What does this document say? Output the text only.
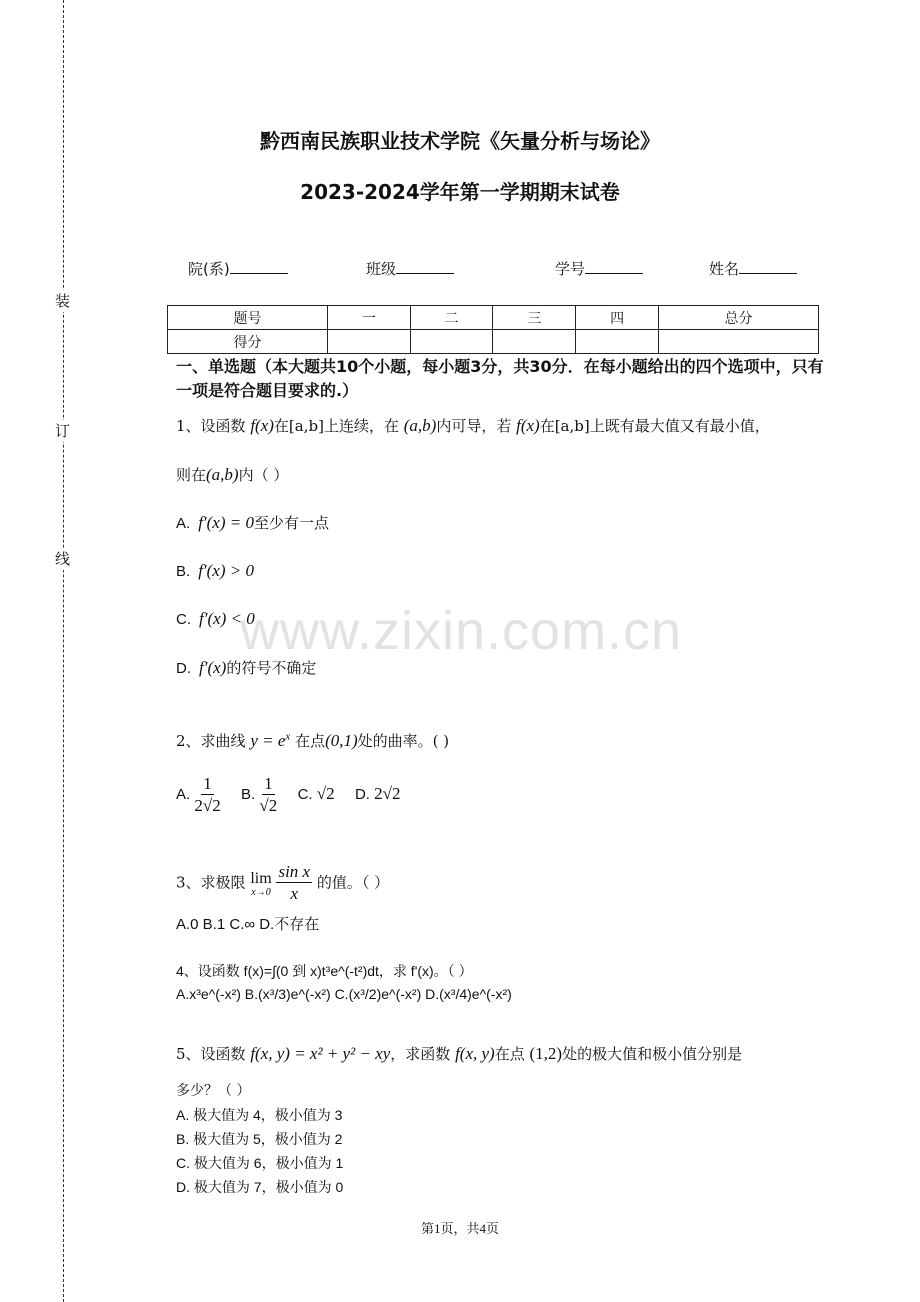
装
订
线
黔西南民族职业技术学院《矢量分析与场论》
2023-2024学年第一学期期末试卷
院(系)	班级	学号	姓名
题号	一	二	三	四	总分
得分					
一、单选题（本大题共10个小题，每小题3分，共30分．在每小题给出的四个选项中，只有一项是符合题目要求的.）
1、设函数 f(x)在[a,b]上连续，在 (a,b)内可导，若 f(x)在[a,b]上既有最大值又有最小值，
则在(a,b)内（ ）
A. f′(x) = 0至少有一点
B. f′(x) > 0
C. f′(x) < 0
D. f′(x)的符号不确定
2、求曲线 $y = e^x$ 在点(0,1)处的曲率。( )
A. $\frac{1}{2√2} B$. $\frac{1}{√2} C$. √2 D. 2√2
3、求极限 lim
x→0
$\frac{\text{sin x}}{x}$ 的值。（ ）
A.0 B.1 C.∞ D.不存在
4、设函数 f(x)=∫(0 到 x)t³e^(-t²)dt，求 f'(x)。（ ）
A.x³e^(-x²) B.(x³/3)e^(-x²) C.(x³/2)e^(-x²) D.(x³/4)e^(-x²)
5、设函数 f(x, y) = x² + y² − xy，求函数 f(x, y)在点 (1,2)处的极大值和极小值分别是
多少？（ ）
A. 极大值为 4，极小值为 3
B. 极大值为 5，极小值为 2
C. 极大值为 6，极小值为 1
D. 极大值为 7，极小值为 0
www.zixin.com.cn
第1页，共4页
